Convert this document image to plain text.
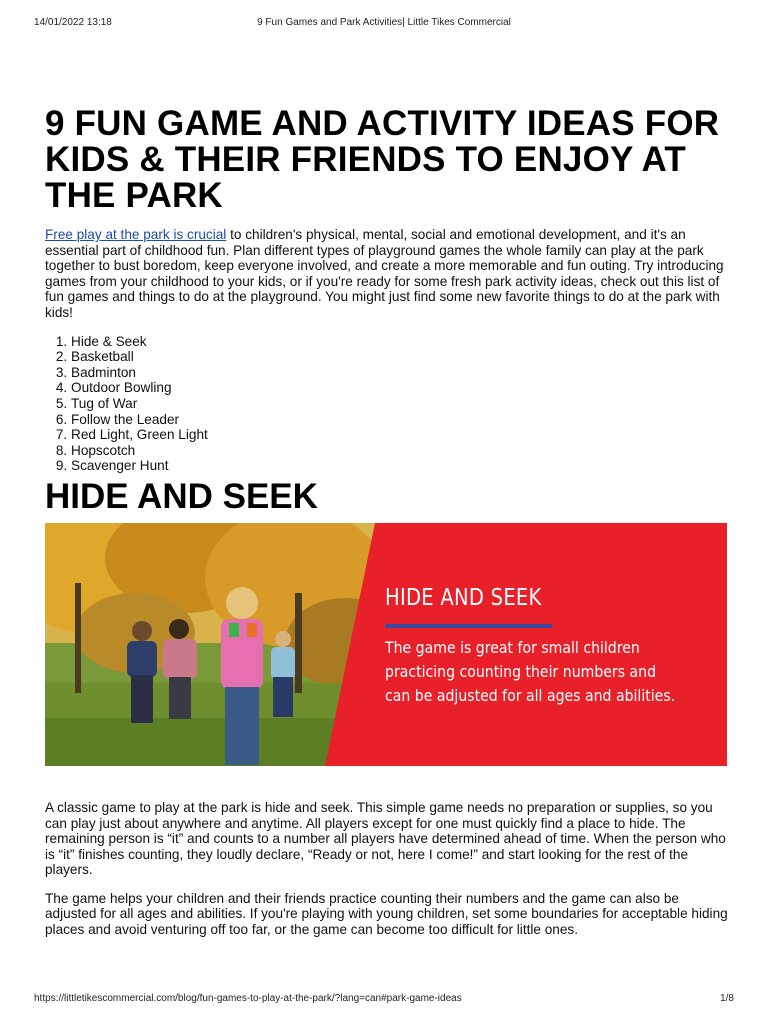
14/01/2022 13:18	9 Fun Games and Park Activities| Little Tikes Commercial
9 FUN GAME AND ACTIVITY IDEAS FOR KIDS & THEIR FRIENDS TO ENJOY AT THE PARK

Free play at the park is crucial to children's physical, mental, social and emotional development, and it's an essential part of childhood fun. Plan different types of playground games the whole family can play at the park together to bust boredom, keep everyone involved, and create a more memorable and fun outing. Try introducing games from your childhood to your kids, or if you're ready for some fresh park activity ideas, check out this list of fun games and things to do at the playground. You might just find some new favorite things to do at the park with kids!

1. Hide & Seek
2. Basketball
3. Badminton
4. Outdoor Bowling
5. Tug of War
6. Follow the Leader
7. Red Light, Green Light
8. Hopscotch
9. Scavenger Hunt
HIDE AND SEEK
HIDE AND SEEK
The game is great for small children practicing counting their numbers and can be adjusted for all ages and abilities.

A classic game to play at the park is hide and seek. This simple game needs no preparation or supplies, so you can play just about anywhere and anytime. All players except for one must quickly find a place to hide. The remaining person is “it” and counts to a number all players have determined ahead of time. When the person who is “it” finishes counting, they loudly declare, “Ready or not, here I come!” and start looking for the rest of the players.

The game helps your children and their friends practice counting their numbers and the game can also be adjusted for all ages and abilities. If you're playing with young children, set some boundaries for acceptable hiding places and avoid venturing off too far, or the game can become too difficult for little ones.

https://littletikescommercial.com/blog/fun-games-to-play-at-the-park/?lang=can#park-game-ideas	1/8
